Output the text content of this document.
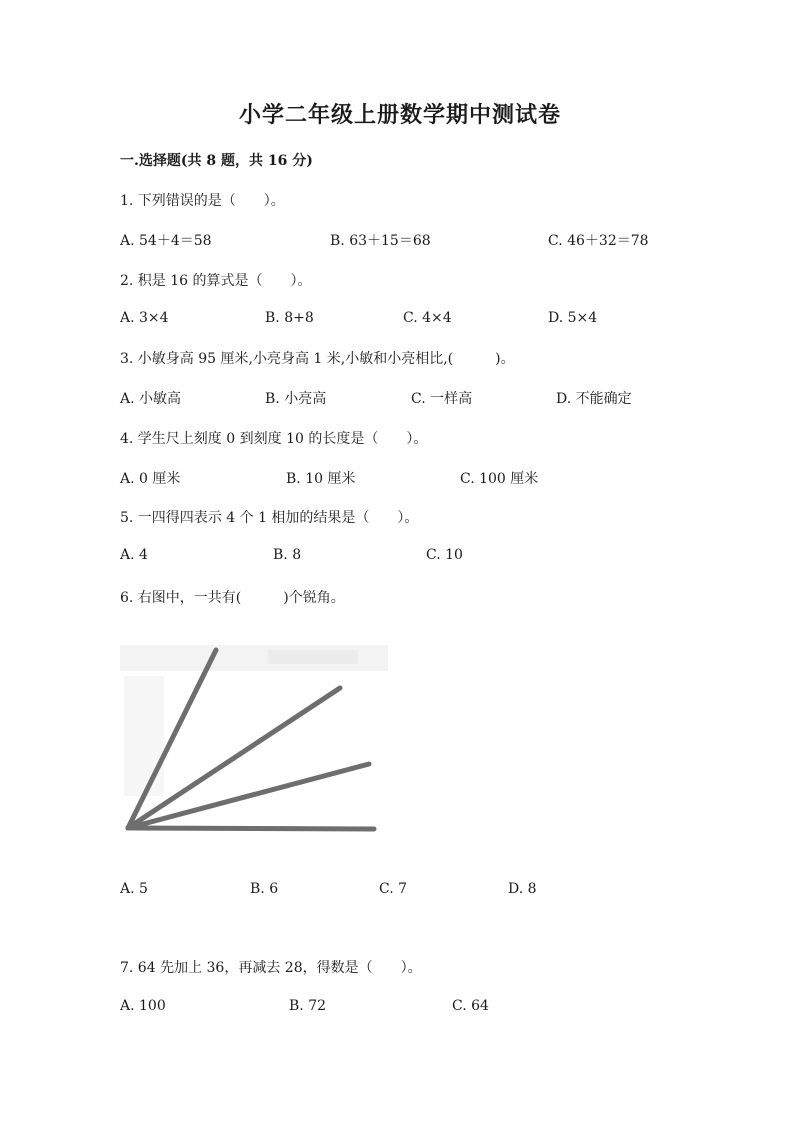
小学二年级上册数学期中测试卷
一.选择题(共 8 题，共 16 分)
1. 下列错误的是（　　）。
A. 54＋4＝58	B. 63＋15＝68	C. 46＋32＝78
2. 积是 16 的算式是（　　）。
A. 3×4	B. 8+8	C. 4×4	D. 5×4
3. 小敏身高 95 厘米,小亮身高 1 米,小敏和小亮相比,(　　　)。
A. 小敏高	B. 小亮高	C. 一样高	D. 不能确定
4. 学生尺上刻度 0 到刻度 10 的长度是（　　）。
A. 0 厘米	B. 10 厘米	C. 100 厘米
5. 一四得四表示 4 个 1 相加的结果是（　　）。
A. 4	B. 8	C. 10
6. 右图中，一共有(　　　)个锐角。
A. 5	B. 6	C. 7	D. 8
7. 64 先加上 36，再减去 28，得数是（　　）。
A. 100	B. 72	C. 64
